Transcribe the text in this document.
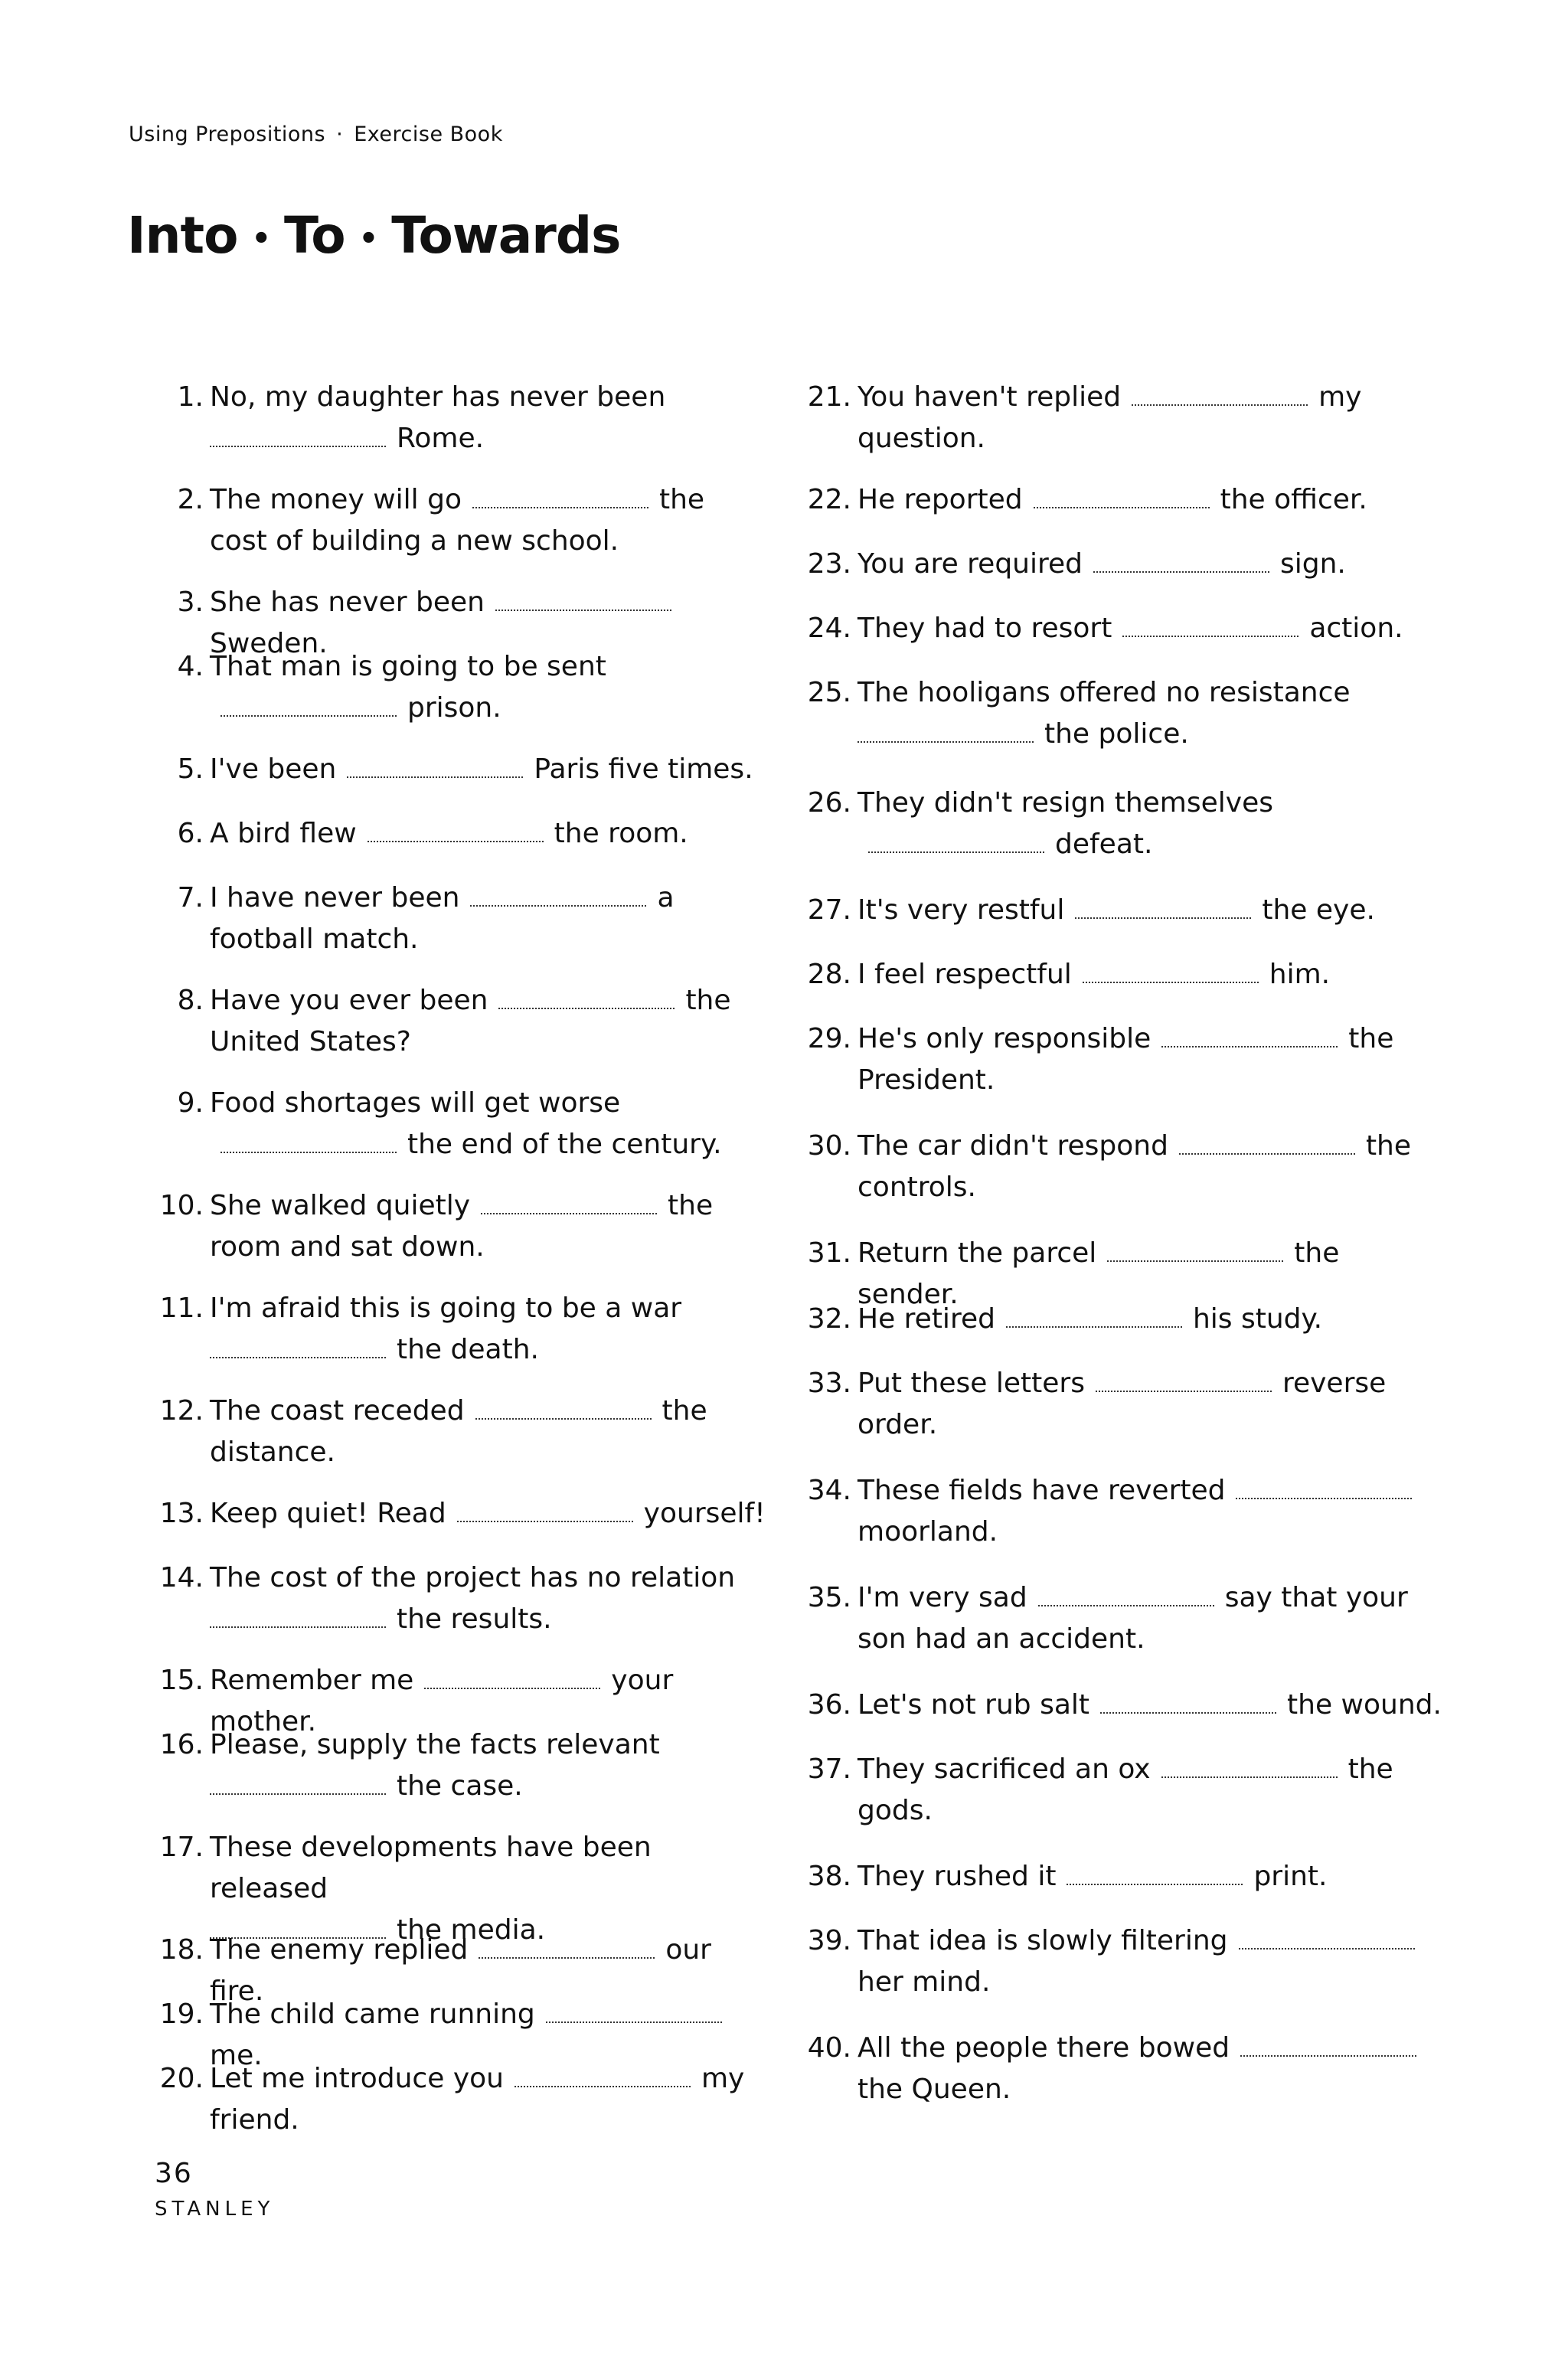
Using Prepositions · Exercise Book
Into • To • Towards
1. No, my daughter has never been
Rome.
2. The money will go	the cost of building a new school.
3. She has never beenSweden.
4. That man is going to be sentprison.
5. I've been	Paris five times.
6. A bird flew	the room.
7. I have never been	a football match.
8. Have you ever been	the United States?
9. Food shortages will get worsethe end of the century.
10. She walked quietly	the room and sat down.
11. I'm afraid this is going to be a war
the death.
12. The coast receded	the distance.
13. Keep quiet! Read	yourself!
14. The cost of the project has no relation
the results.
15. Remember me	your mother.
16. Please, supply the facts relevant
the case.
17. These developments have been released
the media.
18. The enemy replied	our fire.
19. The child came runningme.
20. Let me introduce you	my friend.
21. You haven't replied	my question.
22. He reported	the officer.
23. You are required	sign.
24. They had to resort	action.
25. The hooligans offered no resistance
the police.
26. They didn't resign themselvesdefeat.
27. It's very restful	the eye.
28. I feel respectful	him.
29. He's only responsible	the President.
30. The car didn't respond	the controls.
31. Return the parcel	the sender.
32. He retired	his study.
33. Put these letters	reverse order.
34. These fields have revertedmoorland.
35. I'm very sad	say that your son had an accident.
36. Let's not rub salt	the wound.
37. They sacrificed an ox	the gods.
38. They rushed it	print.
39. That idea is slowly filteringher mind.
40. All the people there bowedthe Queen.
36
STANLEY
